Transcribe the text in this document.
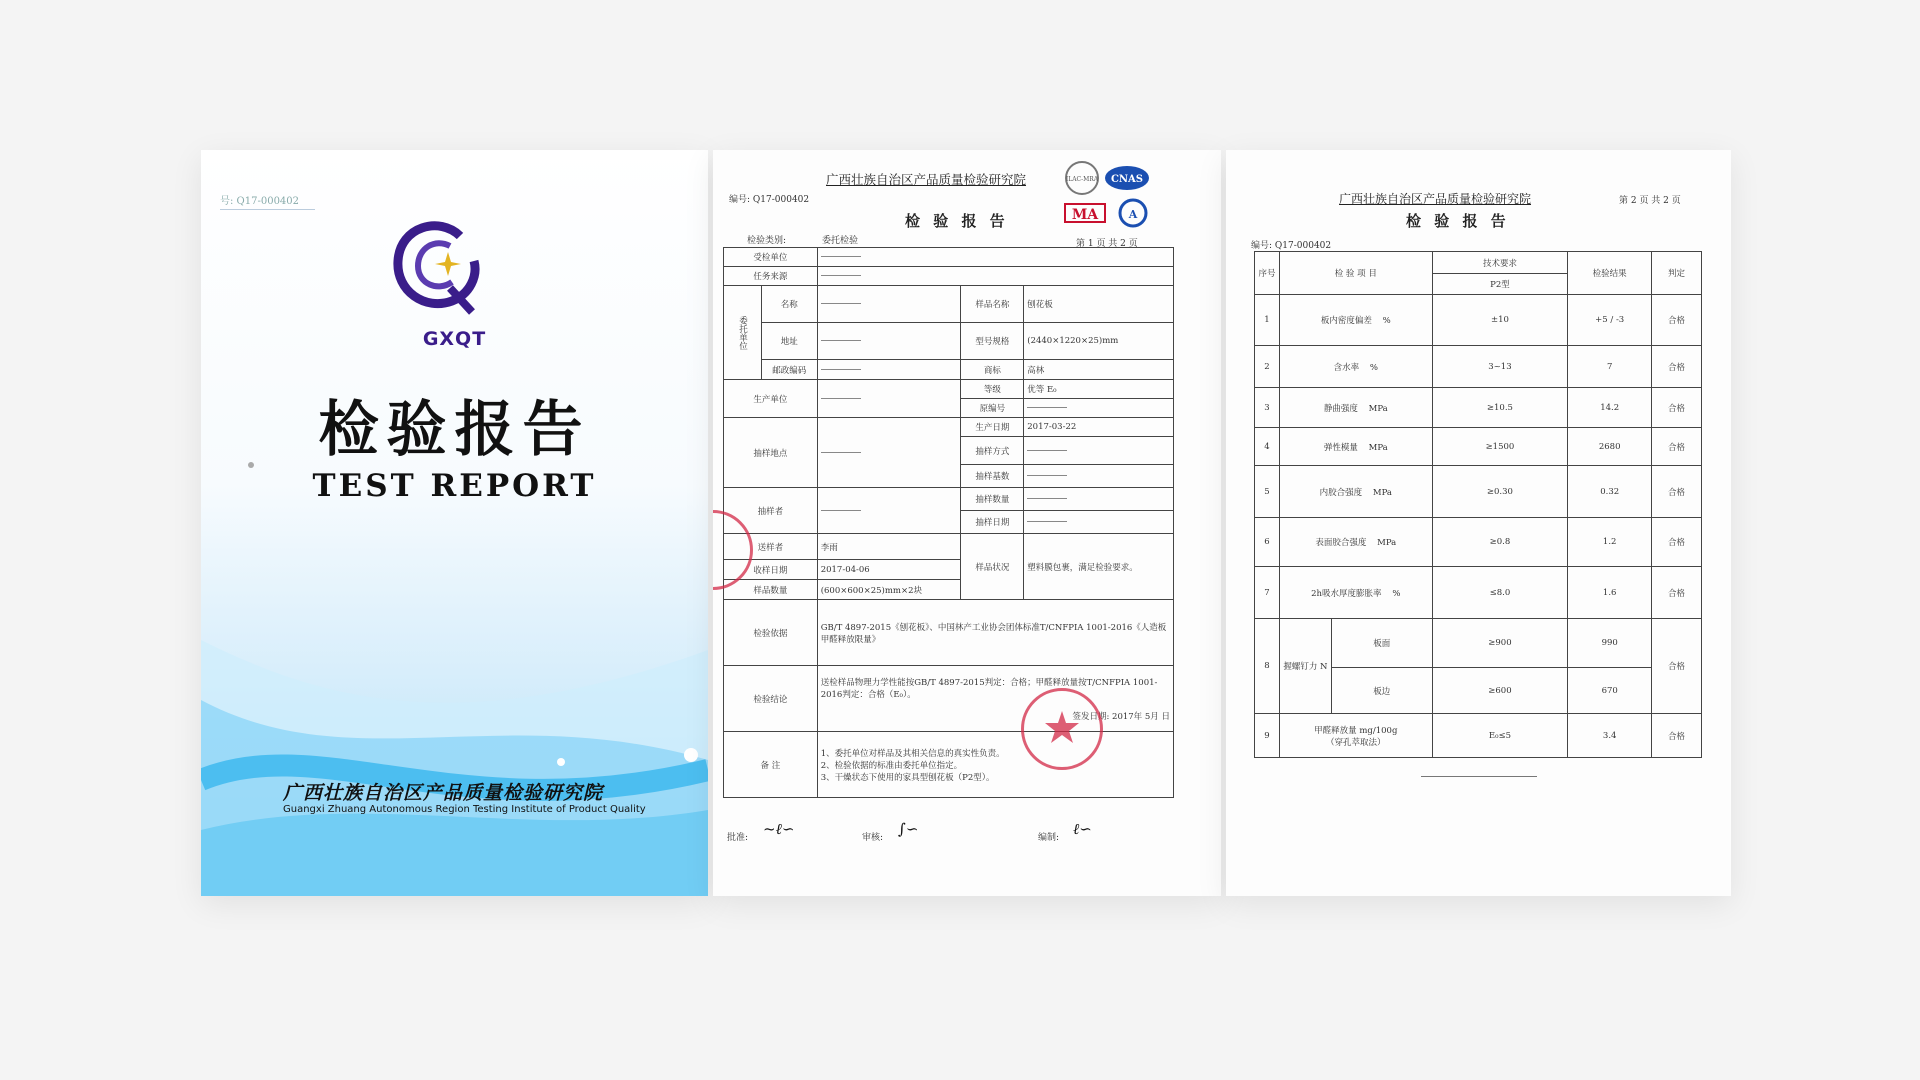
号: Q17-000402
GXQT
检验报告
TEST REPORT
广西壮族自治区产品质量检验研究院
Guangxi Zhuang Autonomous Region Testing Institute of Product Quality
广西壮族自治区产品质量检验研究院
编号: Q17-000402
检 验 报 告
第 1 页 共 2 页
ILAC-MRA CNAS
MA	A
检验类别:	委托检验
受检单位				
任务来源				
委托单位	名称		样品名称	刨花板
	地址		型号规格	(2440×1220×25)mm
	邮政编码		商标	高林
生产单位			等级	优等 E₀
			原编号	
抽样地点			生产日期	2017-03-22
			抽样方式	
			抽样基数	
抽样者			抽样数量	
			抽样日期	
送样者		李雨	样品状况	塑料膜包裹，满足检验要求。
收样日期		2017-04-06		
样品数量		(600×600×25)mm×2块		
检验依据		GB/T 4897-2015《刨花板》、中国林产工业协会团体标准T/CNFPIA 1001-2016《人造板甲醛释放限量》		
检验结论		送检样品物理力学性能按GB/T 4897-2015判定：合格；甲醛释放量按T/CNFPIA 1001-2016判定：合格（E₀）。
签发日期: 2017年 5月 日		

备 注		1、委托单位对样品及其相关信息的真实性负责。
2、检验依据的标准由委托单位指定。
3、干燥状态下使用的家具型刨花板（P2型）。		
批准: ~ℓ∽	审核: ∫∽	编制: ℓ∽
广西壮族自治区产品质量检验研究院	第 2 页 共 2 页
检 验 报 告
编号: Q17-000402
序号	检 验 项 目		技术要求	检验结果	判定
			P2型		
1	板内密度偏差 %		±10	+5 / -3	合格
2	含水率 %		3~13	7	合格
3	静曲强度 MPa		≥10.5	14.2	合格
4	弹性模量 MPa		≥1500	2680	合格
5	内胶合强度 MPa		≥0.30	0.32	合格
6	表面胶合强度 MPa		≥0.8	1.2	合格
7	2h吸水厚度膨胀率 %		≤8.0	1.6	合格
8	握螺钉力 N	板面	≥900	990	合格
		板边	≥600	670	
9	甲醛释放量 mg/100g
（穿孔萃取法）		E₀≤5	3.4	合格
